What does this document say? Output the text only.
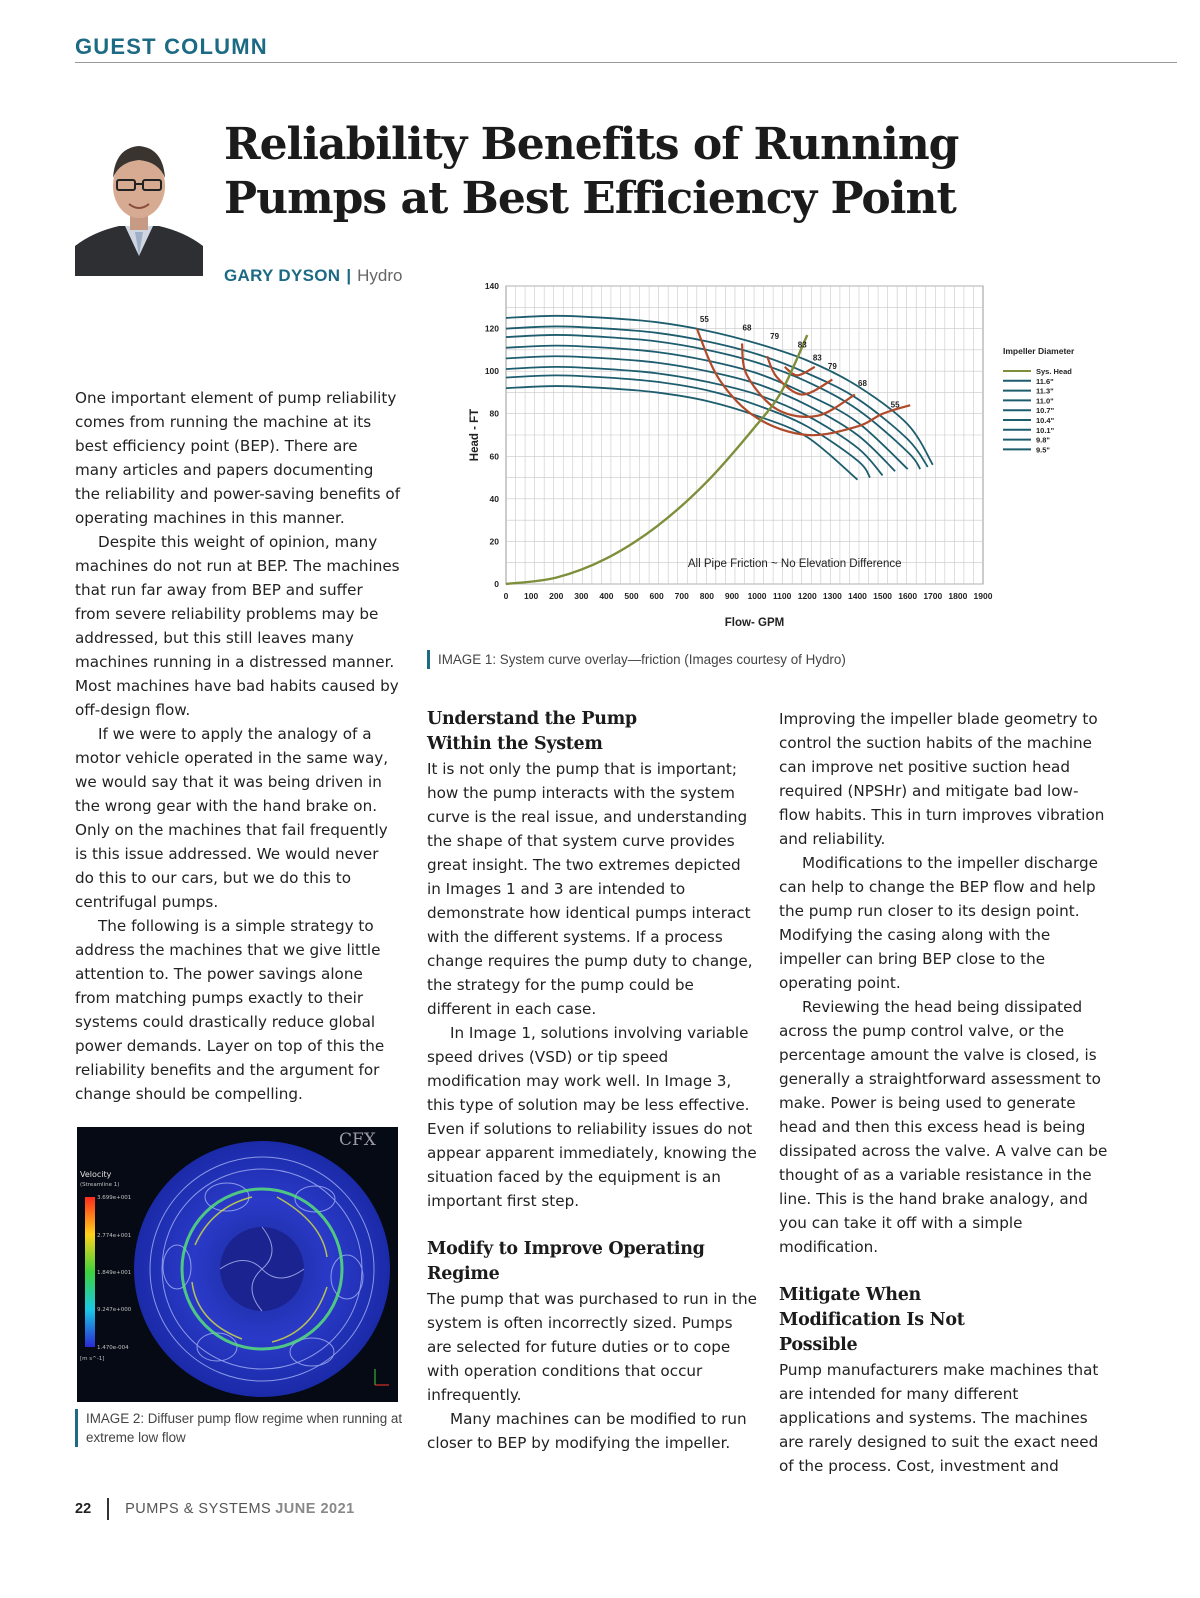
GUEST COLUMN
Reliability Benefits of Running
Pumps at Best Efficiency Point
GARY DYSON | Hydro

One important element of pump reliability comes from running the machine at its best efficiency point (BEP). There are many articles and papers documenting the reliability and power-saving benefits of operating machines in this manner.

Despite this weight of opinion, many machines do not run at BEP. The machines that run far away from BEP and suffer from severe reliability problems may be addressed, but this still leaves many machines running in a distressed manner. Most machines have bad habits caused by off-design flow.

If we were to apply the analogy of a motor vehicle operated in the same way, we would say that it was being driven in the wrong gear with the hand brake on. Only on the machines that fail frequently is this issue addressed. We would never do this to our cars, but we do this to centrifugal pumps.

The following is a simple strategy to address the machines that we give little attention to. The power savings alone from matching pumps exactly to their systems could drastically reduce global power demands. Layer on top of this the reliability benefits and the argument for change should be compelling.

0 100 200 300 400 500 600 700 800 900 1000 1100 1200 1300 1400 1500 1600 1700 1800 1900
0
20
40
60
80
100
120
140
Flow- GPM
Head - FT
55
68
79
83
83
79
68
55
All Pipe Friction ~ No Elevation Difference
Impeller Diameter
Sys. Head
11.6"
11.3"
11.0"
10.7"
10.4"
10.1"
9.8"
9.5"
IMAGE 1: System curve overlay—friction (Images courtesy of Hydro)
CFX
Velocity
(Streamline 1)
3.699e+001
2.774e+001
1.849e+001
9.247e+000
1.470e-004
[m s^-1]
IMAGE 2: Diffuser pump flow regime when running at extreme low flow
Understand the Pump Within the System

It is not only the pump that is important; how the pump interacts with the system curve is the real issue, and understanding the shape of that system curve provides great insight. The two extremes depicted in Images 1 and 3 are intended to demonstrate how identical pumps interact with the different systems. If a process change requires the pump duty to change, the strategy for the pump could be different in each case.

In Image 1, solutions involving variable speed drives (VSD) or tip speed modification may work well. In Image 3, this type of solution may be less effective. Even if solutions to reliability issues do not appear apparent immediately, knowing the situation faced by the equipment is an important first step.

Modify to Improve Operating Regime

The pump that was purchased to run in the system is often incorrectly sized. Pumps are selected for future duties or to cope with operation conditions that occur infrequently.

Many machines can be modified to run closer to BEP by modifying the impeller.

Improving the impeller blade geometry to control the suction habits of the machine can improve net positive suction head required (NPSHr) and mitigate bad low-flow habits. This in turn improves vibration and reliability.

Modifications to the impeller discharge can help to change the BEP flow and help the pump run closer to its design point. Modifying the casing along with the impeller can bring BEP close to the operating point.

Reviewing the head being dissipated across the pump control valve, or the percentage amount the valve is closed, is generally a straightforward assessment to make. Power is being used to generate head and then this excess head is being dissipated across the valve. A valve can be thought of as a variable resistance in the line. This is the hand brake analogy, and you can take it off with a simple modification.

Mitigate When Modification Is Not Possible

Pump manufacturers make machines that are intended for many different applications and systems. The machines are rarely designed to suit the exact need of the process. Cost, investment and

22 PUMPS & SYSTEMS JUNE 2021
